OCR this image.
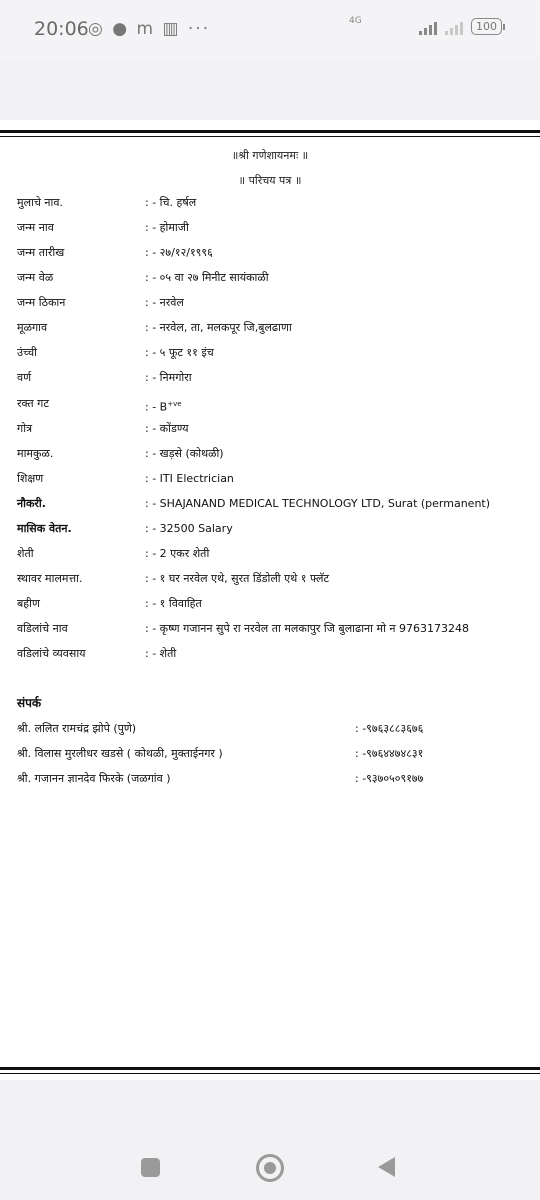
20:06 ◎ ● m ▥ ···	4G	100
॥श्री गणेशायनमः ॥
॥ परिचय पत्र ॥
मुलाचे नाव.	: - चि. हर्षल
जन्म नाव	: - होमाजी
जन्म तारीख	: - २७/१२/१९९६
जन्म वेळ	: - ०५ वा २७ मिनीट सायंकाळी
जन्म ठिकान	: - नरवेल
मूळगाव	: - नरवेल, ता, मलकपूर जि,बुलढाणा
उंच्ची	: - ५ फूट ११ इंच
वर्ण	: - निमगोरा
रक्त गट	: - $B^{+ve}$
गोत्र	: - कोंडण्य
मामकुळ.	: - खड़से (कोथळी)
शिक्षण	: - ITI Electrician
नौकरी.	: - SHAJANAND MEDICAL TECHNOLOGY LTD, Surat (permanent)
मासिक वेतन.	: - 32500 Salary
शेती	: - 2 एकर शेती
स्थावर मालमत्ता.	: - १ घर नरवेल एथे, सुरत डिंडोली एथे १ फ्लॅट
बहीण	: - १ विवाहित
वडिलांचे नाव	: - कृष्ण गजानन सुपे रा नरवेल ता मलकापुर जि बुलाढाना मो न 9763173248
वडिलांचे व्यवसाय	: - शेती
संपर्क
श्री. ललित रामचंद्र झोपे (पुणे)	: -९७६३८८३६७६
श्री. विलास मुरलीधर खडसे ( कोथळी, मुक्ताईनगर )	: -९७६४४७४८३१
श्री. गजानन ज्ञानदेव फिरके (जळगांव )	: -९३७०५०९१७७
